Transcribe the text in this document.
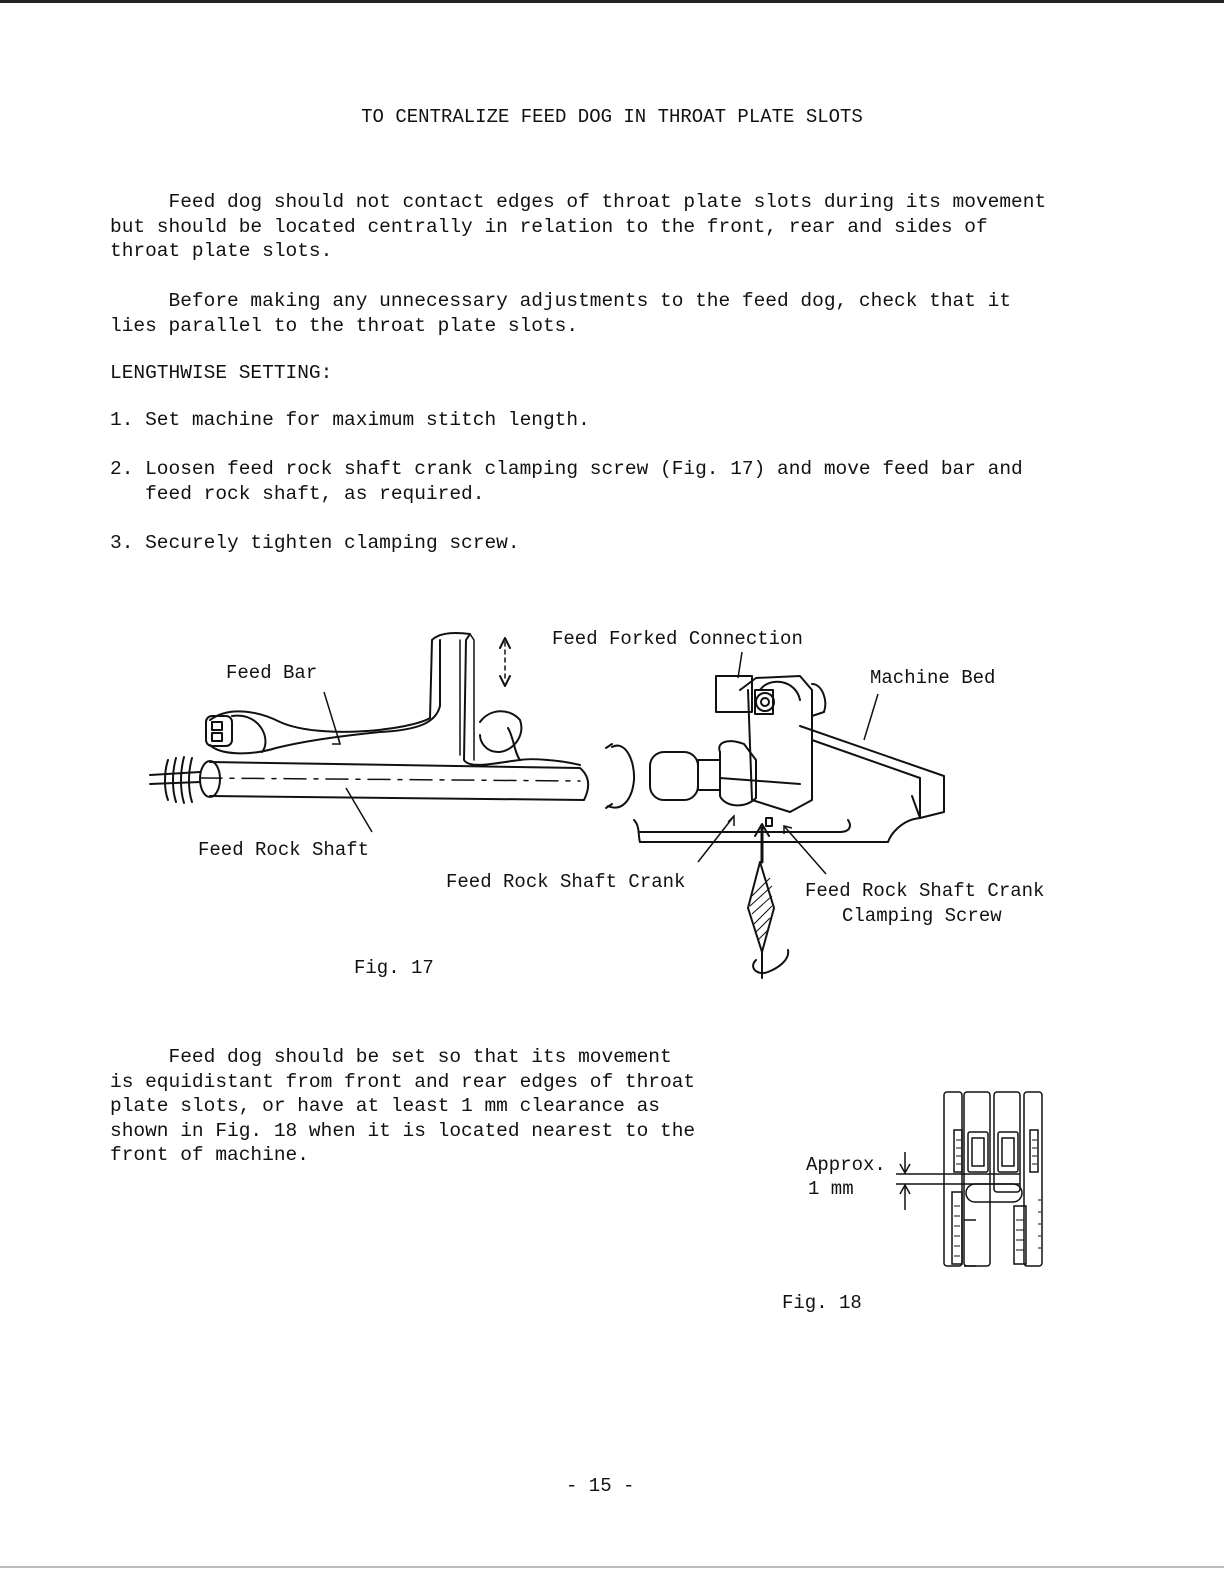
TO CENTRALIZE FEED DOG IN THROAT PLATE SLOTS
Feed dog should not contact edges of throat plate slots during its movement
but should be located centrally in relation to the front, rear and sides of
throat plate slots.
Before making any unnecessary adjustments to the feed dog, check that it
lies parallel to the throat plate slots.
LENGTHWISE SETTING:
1. Set machine for maximum stitch length.
2. Loosen feed rock shaft crank clamping screw (Fig. 17) and move feed bar and
feed rock shaft, as required.
3. Securely tighten clamping screw.
Feed Forked Connection
Feed Bar	Machine Bed
Feed Rock Shaft
Feed Rock Shaft Crank	Feed Rock Shaft Crank
Clamping Screw
Fig. 17
Approx.
1 mm
Fig. 18
Feed dog should be set so that its movement
is equidistant from front and rear edges of throat
plate slots, or have at least 1 mm clearance as
shown in Fig. 18 when it is located nearest to the
front of machine.
- 15 -
